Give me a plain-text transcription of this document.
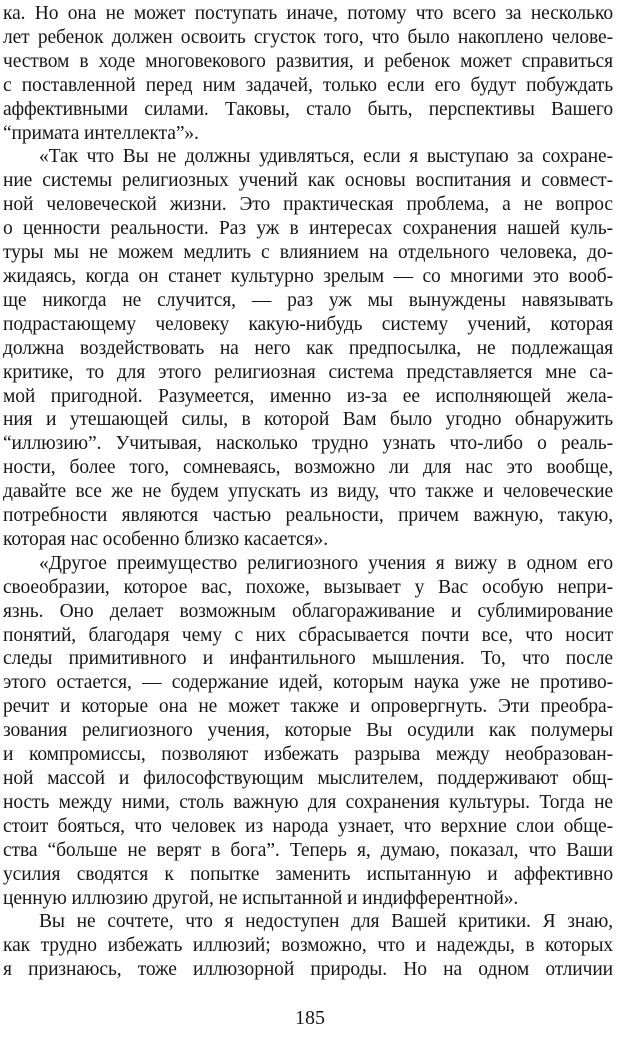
ка. Но она не может поступать иначе, потому что всего за несколько
лет ребенок должен освоить сгусток того, что было накоплено челове-
чеством в ходе многовекового развития, и ребенок может справиться
с поставленной перед ним задачей, только если его будут побуждать
аффективными силами. Таковы, стало быть, перспективы Вашего
“примата интеллекта”».
«Так что Вы не должны удивляться, если я выступаю за сохране-
ние системы религиозных учений как основы воспитания и совмест-
ной человеческой жизни. Это практическая проблема, а не вопрос
о ценности реальности. Раз уж в интересах сохранения нашей куль-
туры мы не можем медлить с влиянием на отдельного человека, до-
жидаясь, когда он станет культурно зрелым — со многими это вооб-
ще никогда не случится, — раз уж мы вынуждены навязывать
подрастающему человеку какую-нибудь систему учений, которая
должна воздействовать на него как предпосылка, не подлежащая
критике, то для этого религиозная система представляется мне са-
мой пригодной. Разумеется, именно из-за ее исполняющей жела-
ния и утешающей силы, в которой Вам было угодно обнаружить
“иллюзию”. Учитывая, насколько трудно узнать что-либо о реаль-
ности, более того, сомневаясь, возможно ли для нас это вообще,
давайте все же не будем упускать из виду, что также и человеческие
потребности являются частью реальности, причем важную, такую,
которая нас особенно близко касается».
«Другое преимущество религиозного учения я вижу в одном его
своеобразии, которое вас, похоже, вызывает у Вас особую непри-
язнь. Оно делает возможным облагораживание и сублимирование
понятий, благодаря чему с них сбрасывается почти все, что носит
следы примитивного и инфантильного мышления. То, что после
этого остается, — содержание идей, которым наука уже не противо-
речит и которые она не может также и опровергнуть. Эти преобра-
зования религиозного учения, которые Вы осудили как полумеры
и компромиссы, позволяют избежать разрыва между необразован-
ной массой и философствующим мыслителем, поддерживают общ-
ность между ними, столь важную для сохранения культуры. Тогда не
стоит бояться, что человек из народа узнает, что верхние слои обще-
ства “больше не верят в бога”. Теперь я, думаю, показал, что Ваши
усилия сводятся к попытке заменить испытанную и аффективно
ценную иллюзию другой, не испытанной и индифферентной».
Вы не сочтете, что я недоступен для Вашей критики. Я знаю,
как трудно избежать иллюзий; возможно, что и надежды, в которых
я признаюсь, тоже иллюзорной природы. Но на одном отличии
185
